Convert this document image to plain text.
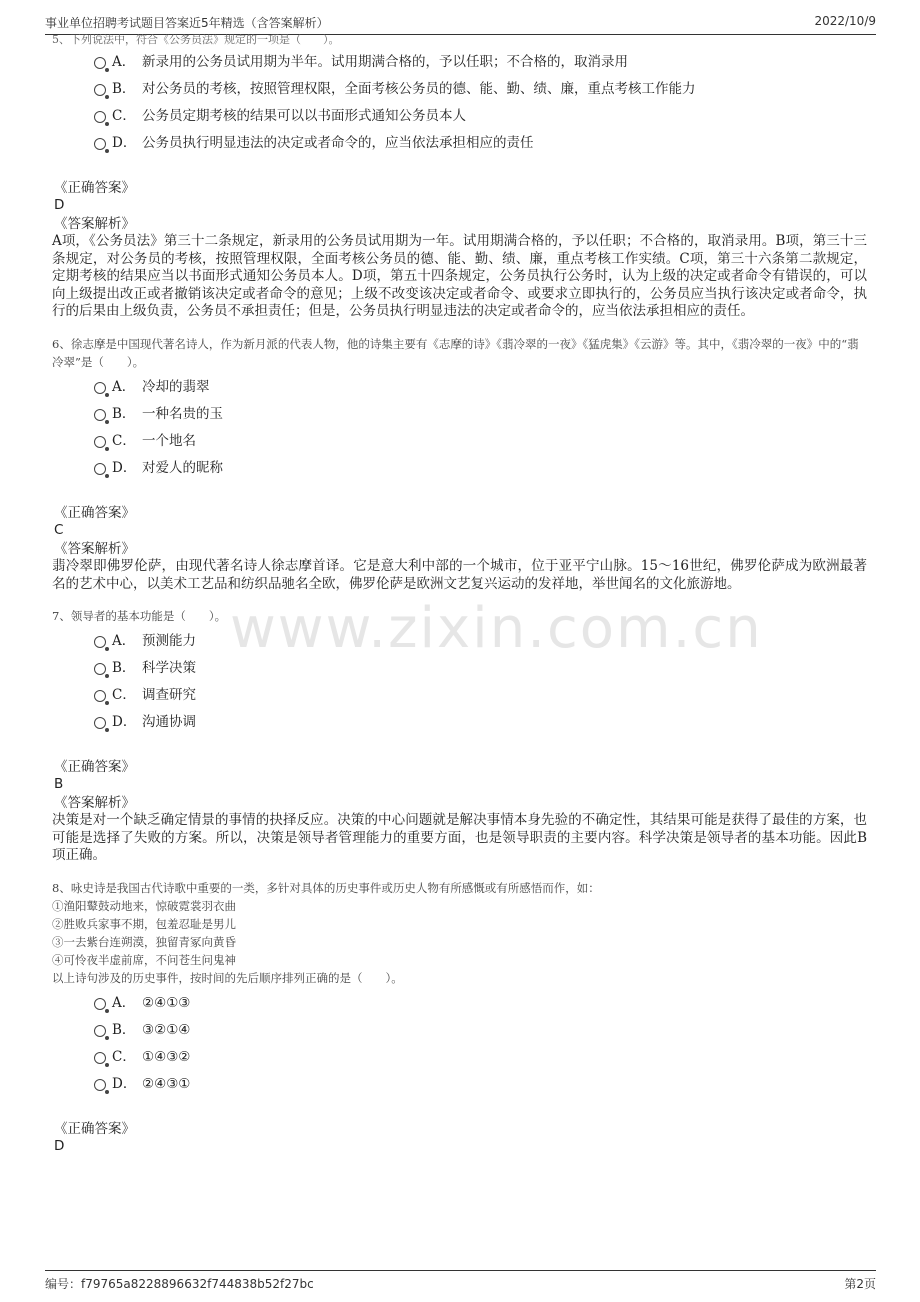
事业单位招聘考试题目答案近5年精选（含答案解析）	2022/10/9
www.zixin.com.cn
5、下列说法中，符合《公务员法》规定的一项是（　　）。
A． 新录用的公务员试用期为半年。试用期满合格的，予以任职；不合格的，取消录用
B． 对公务员的考核，按照管理权限，全面考核公务员的德、能、勤、绩、廉，重点考核工作能力
C． 公务员定期考核的结果可以以书面形式通知公务员本人
D． 公务员执行明显违法的决定或者命令的，应当依法承担相应的责任
《正确答案》
D
《答案解析》
A项，《公务员法》第三十二条规定，新录用的公务员试用期为一年。试用期满合格的，予以任职；不合格的，取消录用。B项，第三十三条规定，对公务员的考核，按照管理权限，全面考核公务员的德、能、勤、绩、廉，重点考核工作实绩。C项，第三十六条第二款规定，定期考核的结果应当以书面形式通知公务员本人。D项，第五十四条规定，公务员执行公务时，认为上级的决定或者命令有错误的，可以向上级提出改正或者撤销该决定或者命令的意见；上级不改变该决定或者命令、或要求立即执行的，公务员应当执行该决定或者命令，执行的后果由上级负责，公务员不承担责任；但是，公务员执行明显违法的决定或者命令的，应当依法承担相应的责任。
6、徐志摩是中国现代著名诗人，作为新月派的代表人物，他的诗集主要有《志摩的诗》《翡冷翠的一夜》《猛虎集》《云游》等。其中，《翡冷翠的一夜》中的“翡冷翠”是（　　）。
A． 冷却的翡翠
B． 一种名贵的玉
C． 一个地名
D． 对爱人的昵称
《正确答案》
C
《答案解析》
翡冷翠即佛罗伦萨，由现代著名诗人徐志摩首译。它是意大利中部的一个城市，位于亚平宁山脉。15～16世纪，佛罗伦萨成为欧洲最著名的艺术中心，以美术工艺品和纺织品驰名全欧，佛罗伦萨是欧洲文艺复兴运动的发祥地，举世闻名的文化旅游地。
7、领导者的基本功能是（　　）。
A． 预测能力
B． 科学决策
C． 调查研究
D． 沟通协调
《正确答案》
B
《答案解析》
决策是对一个缺乏确定情景的事情的抉择反应。决策的中心问题就是解决事情本身先验的不确定性，其结果可能是获得了最佳的方案，也可能是选择了失败的方案。所以，决策是领导者管理能力的重要方面，也是领导职责的主要内容。科学决策是领导者的基本功能。因此B项正确。
8、咏史诗是我国古代诗歌中重要的一类，多针对具体的历史事件或历史人物有所感慨或有所感悟而作，如：
①渔阳鼙鼓动地来，惊破霓裳羽衣曲
②胜败兵家事不期，包羞忍耻是男儿
③一去紫台连朔漠，独留青冢向黄昏
④可怜夜半虚前席，不问苍生问鬼神
以上诗句涉及的历史事件，按时间的先后顺序排列正确的是（　　）。
A． ②④①③
B． ③②①④
C． ①④③②
D． ②④③①
《正确答案》
D
编号：f79765a8228896632f744838b52f27bc	第2页
